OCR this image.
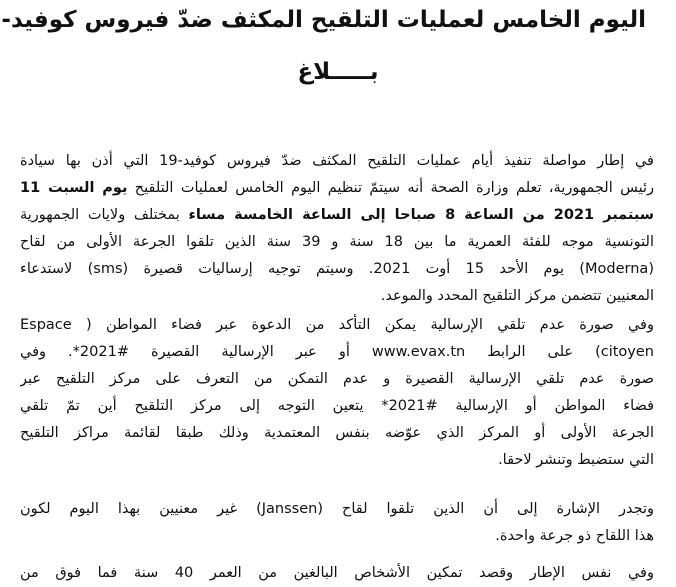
اليوم الخامس لعمليات التلقيح المكثف ضدّ فيروس كوفيد-
بـــــلاغ
في إطار مواصلة تنفيذ أيام عمليات التلقيح المكثف ضدّ فيروس كوفيد-19 التي أذن بها سيادة
رئيس الجمهورية، تعلم وزارة الصحة أنه سيتمّ تنظيم اليوم الخامس لعمليات التلقيح يوم السبت 11
سبتمبر 2021 من الساعة 8 صباحا إلى الساعة الخامسة مساء بمختلف ولايات الجمهورية
التونسية موجه للفئة العمرية ما بين 18 سنة و 39 سنة الذين تلقوا الجرعة الأولى من لقاح
(Moderna) يوم الأحد 15 أوت 2021. وسيتم توجيه إرساليات قصيرة (sms) لاستدعاء
المعنيين تتضمن مركز التلقيح المحدد والموعد.
وفي صورة عدم تلقي الإرسالية يمكن التأكد من الدعوة عبر فضاء المواطن ( Espace
citoyen) على الرابط www.evax.tn أو عبر الإرسالية القصيرة #2021*. وفي
صورة عدم تلقي الإرسالية القصيرة و عدم التمكن من التعرف على مركز التلقيح عبر
فضاء المواطن أو الإرسالية #2021* يتعين التوجه إلى مركز التلقيح أين تمّ تلقي
الجرعة الأولى أو المركز الذي عوّضه بنفس المعتمدية وذلك طبقا لقائمة مراكز التلقيح
التي ستضبط وتنشر لاحقا.
وتجدر الإشارة إلى أن الذين تلقوا لقاح (Janssen) غير معنيين بهذا اليوم لكون
هذا اللقاح ذو جرعة واحدة.
وفي نفس الإطار وقصد تمكين الأشخاص البالغين من العمر 40 سنة فما فوق من
